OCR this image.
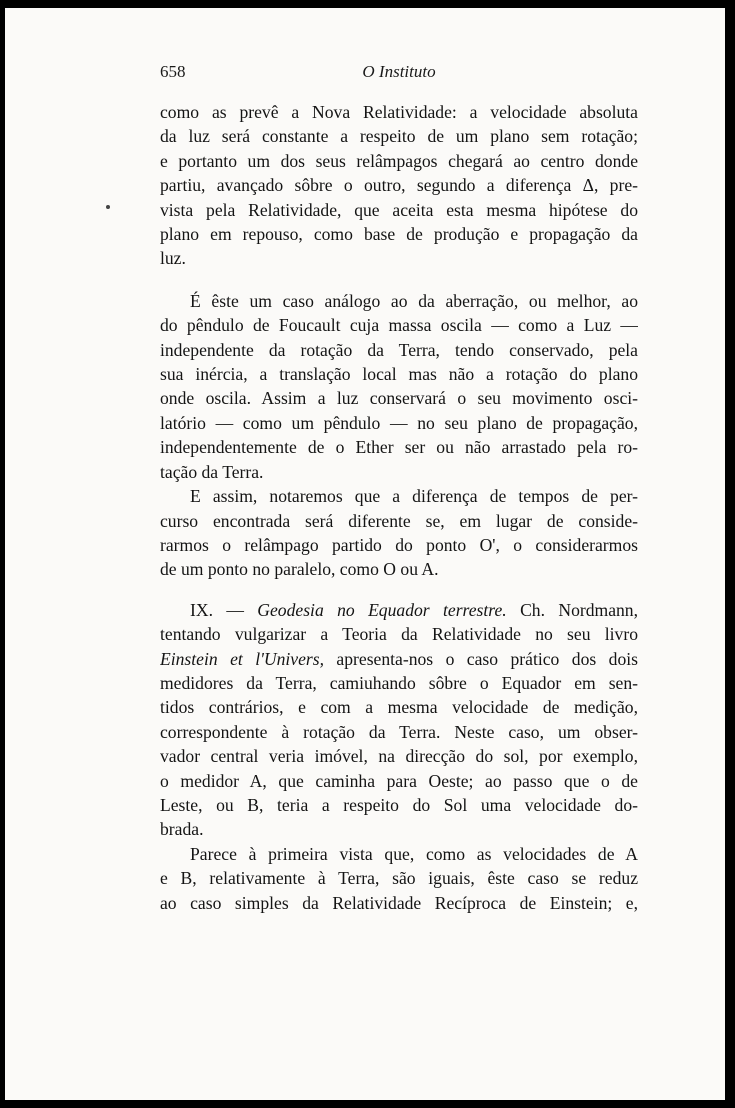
658	O Instituto

como as prevê a Nova Relatividade: a velocidade absoluta
da luz será constante a respeito de um plano sem rotação;
e portanto um dos seus relâmpagos chegará ao centro donde
partiu, avançado sôbre o outro, segundo a diferença Δ, pre-
vista pela Relatividade, que aceita esta mesma hipótese do
plano em repouso, como base de produção e propagação da
luz.

É êste um caso análogo ao da aberração, ou melhor, ao
do pêndulo de Foucault cuja massa oscila — como a Luz —
independente da rotação da Terra, tendo conservado, pela
sua inércia, a translação local mas não a rotação do plano
onde oscila. Assim a luz conservará o seu movimento osci-
latório — como um pêndulo — no seu plano de propagação,
independentemente de o Ether ser ou não arrastado pela ro-
tação da Terra.

E assim, notaremos que a diferença de tempos de per-
curso encontrada será diferente se, em lugar de conside-
rarmos o relâmpago partido do ponto O', o considerarmos
de um ponto no paralelo, como O ou A.

IX. — Geodesia no Equador terrestre. Ch. Nordmann,
tentando vulgarizar a Teoria da Relatividade no seu livro
Einstein et l'Univers, apresenta-nos o caso prático dos dois
medidores da Terra, camiuhando sôbre o Equador em sen-
tidos contrários, e com a mesma velocidade de medição,
correspondente à rotação da Terra. Neste caso, um obser-
vador central veria imóvel, na direcção do sol, por exemplo,
o medidor A, que caminha para Oeste; ao passo que o de
Leste, ou B, teria a respeito do Sol uma velocidade do-
brada.

Parece à primeira vista que, como as velocidades de A
e B, relativamente à Terra, são iguais, êste caso se reduz
ao caso simples da Relatividade Recíproca de Einstein; e,
